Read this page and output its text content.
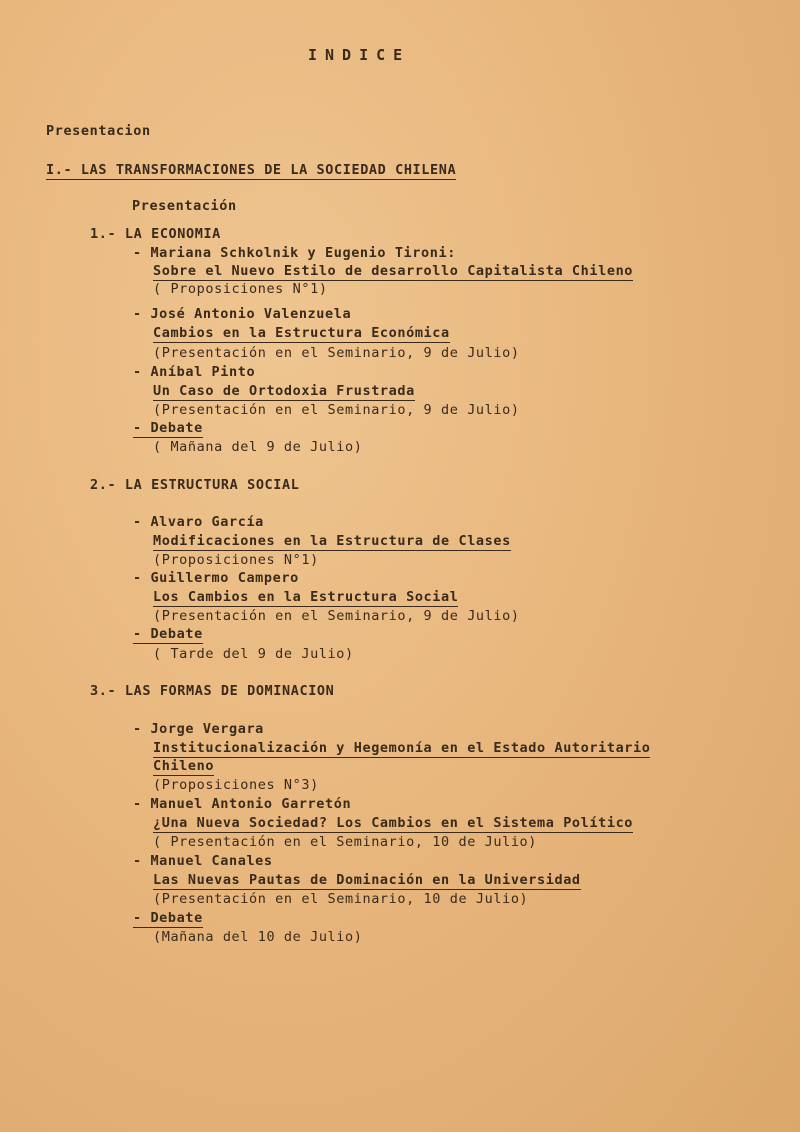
INDICE
Presentacion
I.- LAS TRANSFORMACIONES DE LA SOCIEDAD CHILENA
Presentación
1.- LA ECONOMIA
- Mariana Schkolnik y Eugenio Tironi:
Sobre el Nuevo Estilo de desarrollo Capitalista Chileno
( Proposiciones N°1)
- José Antonio Valenzuela
Cambios en la Estructura Económica
(Presentación en el Seminario, 9 de Julio)
- Aníbal Pinto
Un Caso de Ortodoxia Frustrada
(Presentación en el Seminario, 9 de Julio)
- Debate
( Mañana del 9 de Julio)
2.- LA ESTRUCTURA SOCIAL
- Alvaro García
Modificaciones en la Estructura de Clases
(Proposiciones N°1)
- Guillermo Campero
Los Cambios en la Estructura Social
(Presentación en el Seminario, 9 de Julio)
- Debate
( Tarde del 9 de Julio)
3.- LAS FORMAS DE DOMINACION
- Jorge Vergara
Institucionalización y Hegemonía en el Estado Autoritario
Chileno
(Proposiciones N°3)
- Manuel Antonio Garretón
¿Una Nueva Sociedad? Los Cambios en el Sistema Político
( Presentación en el Seminario, 10 de Julio)
- Manuel Canales
Las Nuevas Pautas de Dominación en la Universidad
(Presentación en el Seminario, 10 de Julio)
- Debate
(Mañana del 10 de Julio)
